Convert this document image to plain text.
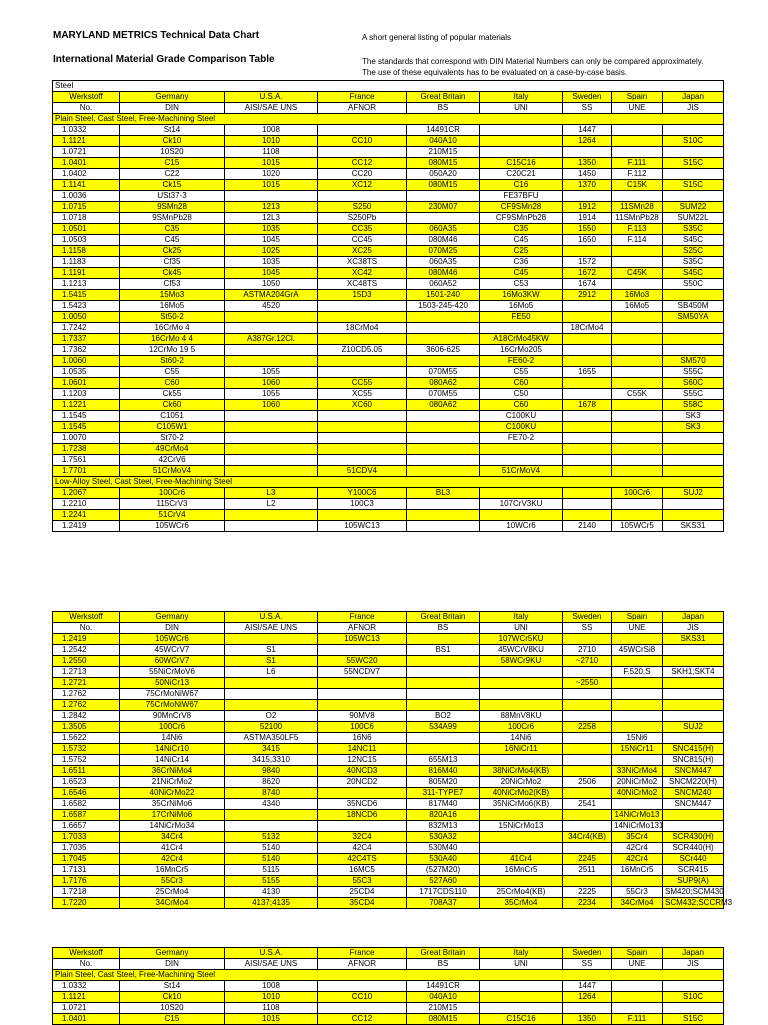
MARYLAND METRICS Technical Data Chart
International Material Grade Comparison Table
A short general listing of popular materials
The standards that correspond with DIN Material Numbers can only be compared approximately.
The use of these equivalents has to be evaluated on a case-by-case basis.
Steel								
Werkstoff	Germany	U.S.A.	France	Great Britain	Italy	Sweden	Spain	Japan
No.	DIN	AISI/SAE UNS	AFNOR	BS	UNI	SS	UNE	JIS
Plain Steel, Cast Steel, Free-Machining Steel								
1.0332	St14	1008		14491CR		1447		
1.1121	Ck10	1010	CC10	040A10		1264		S10C
1.0721	10S20	1108		210M15				
1.0401	C15	1015	CC12	080M15	C15C16	1350	F.111	S15C
1.0402	C22	1020	CC20	050A20	C20C21	1450	F.112	
1.1141	Ck15	1015	XC12	080M15	C16	1370	C15K	S15C
1.0036	USt37-3				FE37BFU			
1.0715	9SMn28	1213	S250	230M07	CF9SMn28	1912	11SMn28	SUM22
1.0718	9SMnPb28	12L3	S250Pb		CF9SMnPb28	1914	11SMnPb28	SUM22L
1.0501	C35	1035	CC35	060A35	C35	1550	F.113	S35C
1.0503	C45	1045	CC45	080M46	C45	1650	F.114	S45C
1.1158	Ck25	1025	XC25	070M25	C25			S25C
1.1183	Cf35	1035	XC38TS	060A35	C36	1572		S35C
1.1191	Ck45	1045	XC42	080M46	C45	1672	C45K	S45C
1.1213	Cf53	1050	XC48TS	060A52	C53	1674		S50C
1.5415	15Mo3	ASTMA204GrA	15D3	1501-240	16Mo3KW	2912	16Mo3	
1.5423	16Mo5	4520		1503-245-420	16Mo5		16Mo5	SB450M
1.0050	St50-2				FE50			SM50YA
1.7242	16CrMo 4		18CrMo4			18CrMo4		
1.7337	16CrMo 4 4	A387Gr.12Cl.			A18CrMo45KW			
1.7362	12CrMo 19 5		Z10CD5.05	3606-625	16CrMo205			
1.0060	St60-2				FE60-2			SM570
1.0535	C55	1055		070M55	C55	1655		S55C
1.0601	C60	1060	CC55	080A62	C60			S60C
1.1203	Ck55	1055	XC55	070M55	C50		C55K	S55C
1.1221	Ck60	1060	XC60	080A62	C60	1678		S58C
1.1545	C1051				C100KU			SK3
1.1545	C105W1				C100KU			SK3
1.0070	St70-2				FE70-2			
1.7238	49CrMo4							
1.7561	42CrV6							
1.7701	51CrMoV4		51CDV4		51CrMoV4			
Low-Alloy Steel, Cast Steel, Free-Machining Steel								
1.2067	100Cr6	L3	Y100C6	BL3			100Cr6	SUJ2
1.2210	115CrV3	L2	100C3		107CrV3KU			
1.2241	51CrV4							
1.2419	105WCr6		105WC13		10WCr6	2140	105WCr5	SKS31
Werkstoff	Germany	U.S.A.	France	Great Britain	Italy	Sweden	Spain	Japan
No.	DIN	AISI/SAE UNS	AFNOR	BS	UNI	SS	UNE	JIS
1.2419	105WCr6		105WC13		107WCr5KU			SKS31
1.2542	45WCrV7	S1		BS1	45WCrV8KU	2710	45WCrSi8	
1.2550	60WCrV7	S1	55WC20		58WCr9KU	~2710		
1.2713	55NiCrMoV6	L6	55NCDV7				F.520.S	SKH1;SKT4
1.2721	50NiCr13					~2550		
1.2762	75CrMoNiW67							
1.2762	75CrMoNiW67							
1.2842	90MnCrV8	O2	90MV8	BO2	88MnV8KU			
1.3505	100Cr6	52100	100C6	534A99	100Cr6	2258		SUJ2
1.5622	14Ni6	ASTMA350LF5	16N6		14Ni6		15Ni6	
1.5732	14NiCr10	3415	14NC11		16NiCr11		15NiCr11	SNC415(H)
1.5752	14NiCr14	3415;3310	12NC15	655M13				SNC815(H)
1.6511	36CrNiMo4	9840	40NCD3	816M40	38NiCrMo4(KB)		33NiCrMo4	SNCM447
1.6523	21NiCrMo2	8620	20NCD2	805M20	20NiCrMo2	2506	20NiCrMo2	SNCM220(H)
1.6546	40NiCrMo22	8740		311-TYPE7	40NiCrMo2(KB)		40NiCrMo2	SNCM240
1.6582	35CrNiMo6	4340	35NCD6	817M40	35NiCrMo6(KB)	2541		SNCM447
1.6587	17CrNiMo6		18NCD6	820A16			14NiCrMo13	
1.6657	14NiCrMo34			832M13	15NiCrMo13		14NiCrMo131	
1.7033	34Cr4	5132	32C4	530A32		34Cr4(KB)	35Cr4	SCR430(H)
1.7035	41Cr4	5140	42C4	530M40			42Cr4	SCR440(H)
1.7045	42Cr4	5140	42C4TS	530A40	41Cr4	2245	42Cr4	SCr440
1.7131	16MnCr5	5115	16MC5	(527M20)	16MnCr5	2511	16MnCr5	SCR415
1.7176	55Cr3	5155	55C3	527A60				SUP9(A)
1.7218	25CrMo4	4130	25CD4	1717CDS110	25CrMo4(KB)	2225	55Cr3	SM420;SCM430
1.7220	34CrMo4	4137;4135	35CD4	708A37	35CrMo4	2234	34CrMo4	SCM432;SCCRM3
Werkstoff	Germany	U.S.A.	France	Great Britain	Italy	Sweden	Spain	Japan
No.	DIN	AISI/SAE UNS	AFNOR	BS	UNI	SS	UNE	JIS
Plain Steel, Cast Steel, Free-Machining Steel								
1.0332	St14	1008		14491CR		1447		
1.1121	Ck10	1010	CC10	040A10		1264		S10C
1.0721	10S20	1108		210M15				
1.0401	C15	1015	CC12	080M15	C15C16	1350	F.111	S15C
